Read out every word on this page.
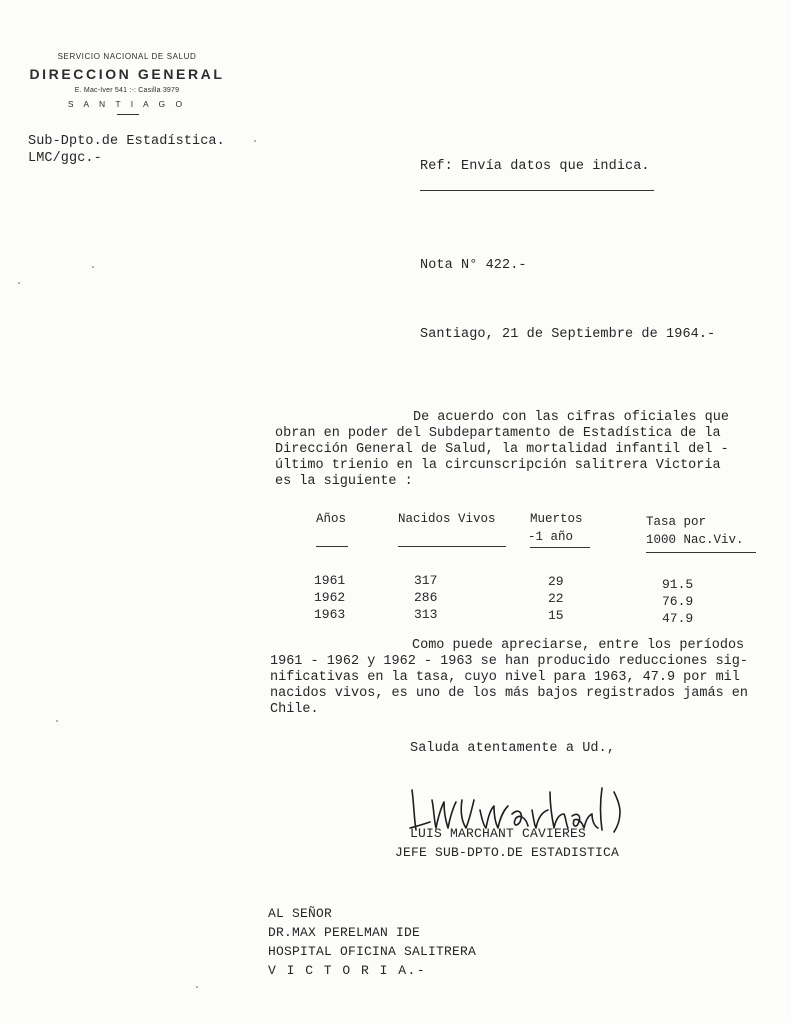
SERVICIO NACIONAL DE SALUD
DIRECCION GENERAL
E. Mac-Iver 541 :-: Casilla 3979
S A N T I A G O
Sub-Dpto.de Estadística.
LMC/ggc.-
Ref: Envía datos que indica.
Nota N° 422.-
Santiago, 21 de Septiembre de 1964.-
De acuerdo con las cifras oficiales que
obran en poder del Subdepartamento de Estadística de la
Dirección General de Salud, la mortalidad infantil del -
último trienio en la circunscripción salitrera Victoria
es la siguiente :
Años	Nacidos Vivos	Muertos
-1 año
Tasa por
1000 Nac.Viv.
1961
1962
1963
317
286
313
29
22
15
91.5
76.9
47.9
Como puede apreciarse, entre los períodos
1961 - 1962 y 1962 - 1963 se han producido reducciones sig-
nificativas en la tasa, cuyo nivel para 1963, 47.9 por mil
nacidos vivos, es uno de los más bajos registrados jamás en
Chile.
Saluda atentamente a Ud.,
LUIS MARCHANT CAVIERES
JEFE SUB-DPTO.DE ESTADISTICA
AL SEÑOR
DR.MAX PERELMAN IDE
HOSPITAL OFICINA SALITRERA
V I C T O R I A.-
